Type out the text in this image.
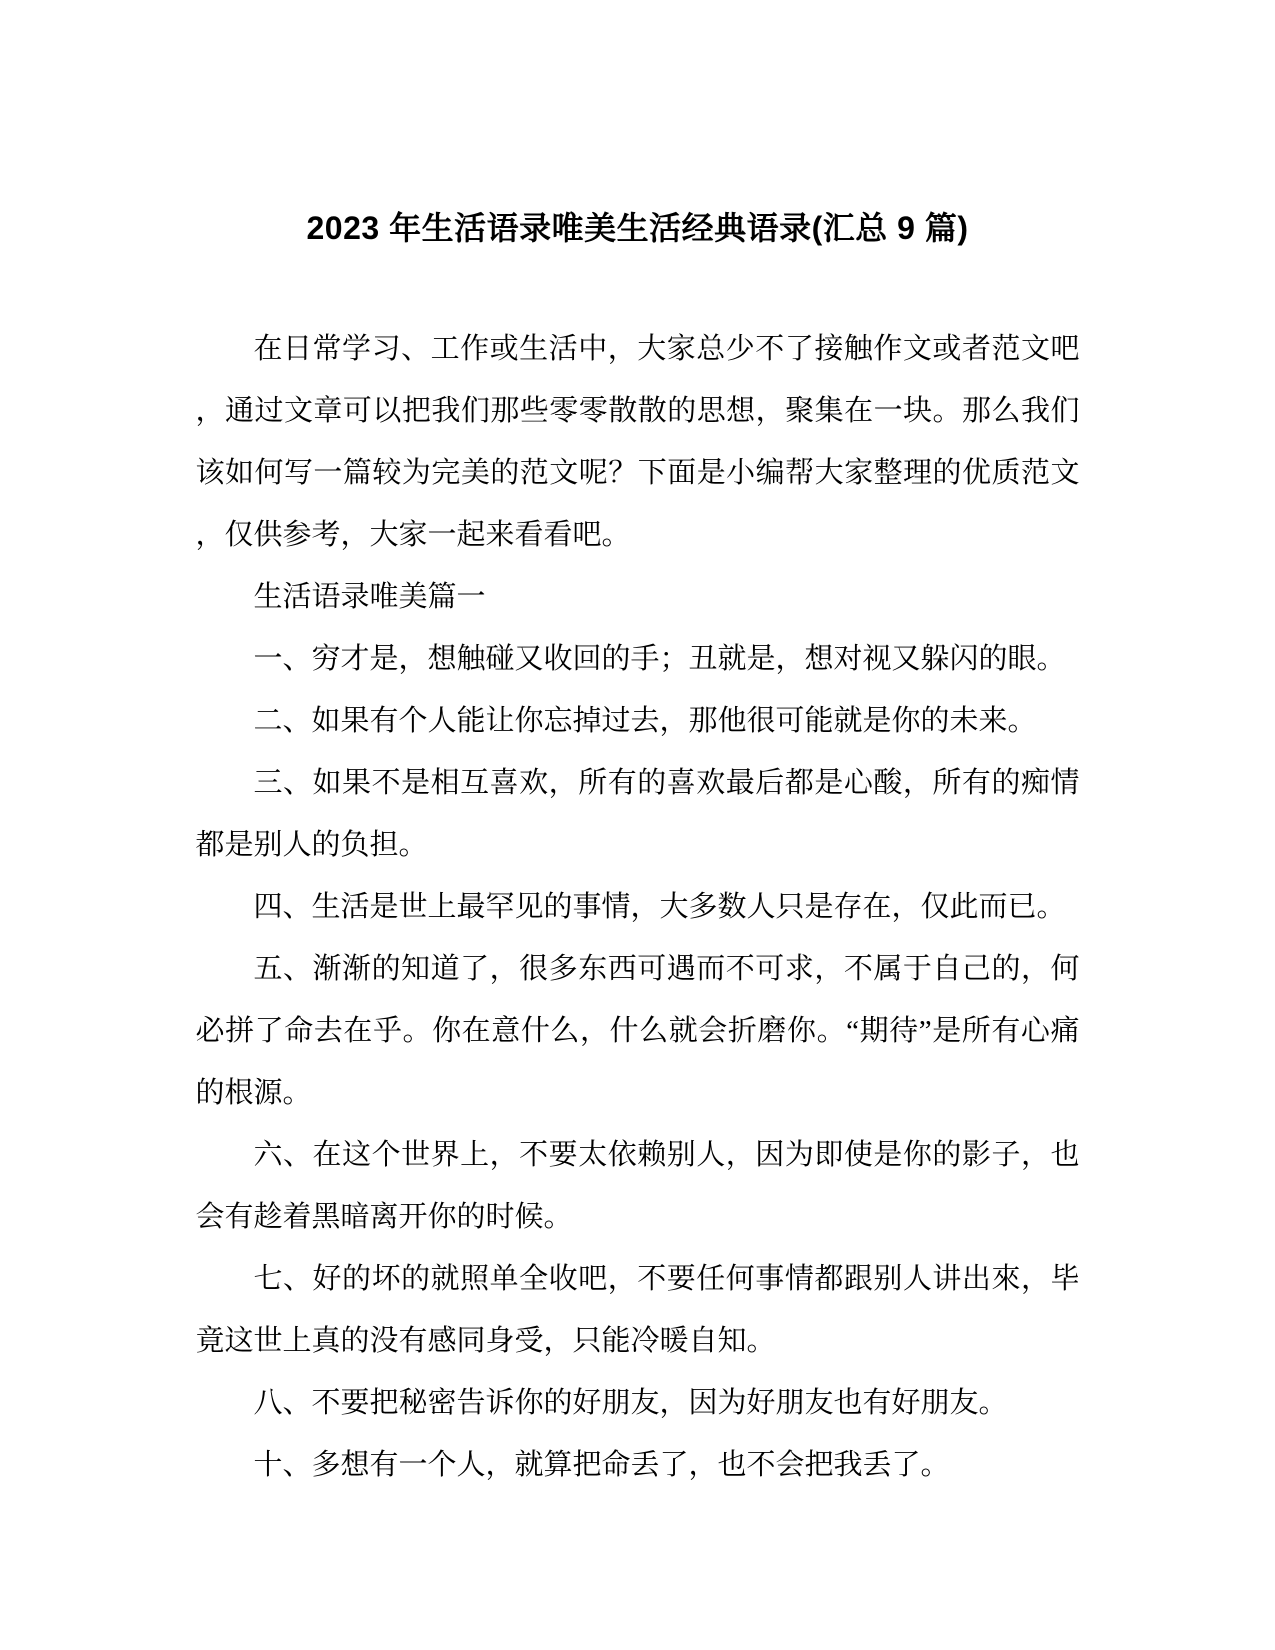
2023 年生活语录唯美生活经典语录(汇总 9 篇)

在日常学习、工作或生活中，大家总少不了接触作文或者范文吧，通过文章可以把我们那些零零散散的思想，聚集在一块。那么我们该如何写一篇较为完美的范文呢？下面是小编帮大家整理的优质范文，仅供参考，大家一起来看看吧。

生活语录唯美篇一

一、穷才是，想触碰又收回的手；丑就是，想对视又躲闪的眼。

二、如果有个人能让你忘掉过去，那他很可能就是你的未来。

三、如果不是相互喜欢，所有的喜欢最后都是心酸，所有的痴情都是别人的负担。

四、生活是世上最罕见的事情，大多数人只是存在，仅此而已。

五、渐渐的知道了，很多东西可遇而不可求，不属于自己的，何必拼了命去在乎。你在意什么，什么就会折磨你。“期待”是所有心痛的根源。

六、在这个世界上，不要太依赖别人，因为即使是你的影子，也会有趁着黑暗离开你的时候。

七、好的坏的就照单全收吧，不要任何事情都跟别人讲出來，毕竟这世上真的没有感同身受，只能冷暖自知。

八、不要把秘密告诉你的好朋友，因为好朋友也有好朋友。

十、多想有一个人，就算把命丢了，也不会把我丢了。
